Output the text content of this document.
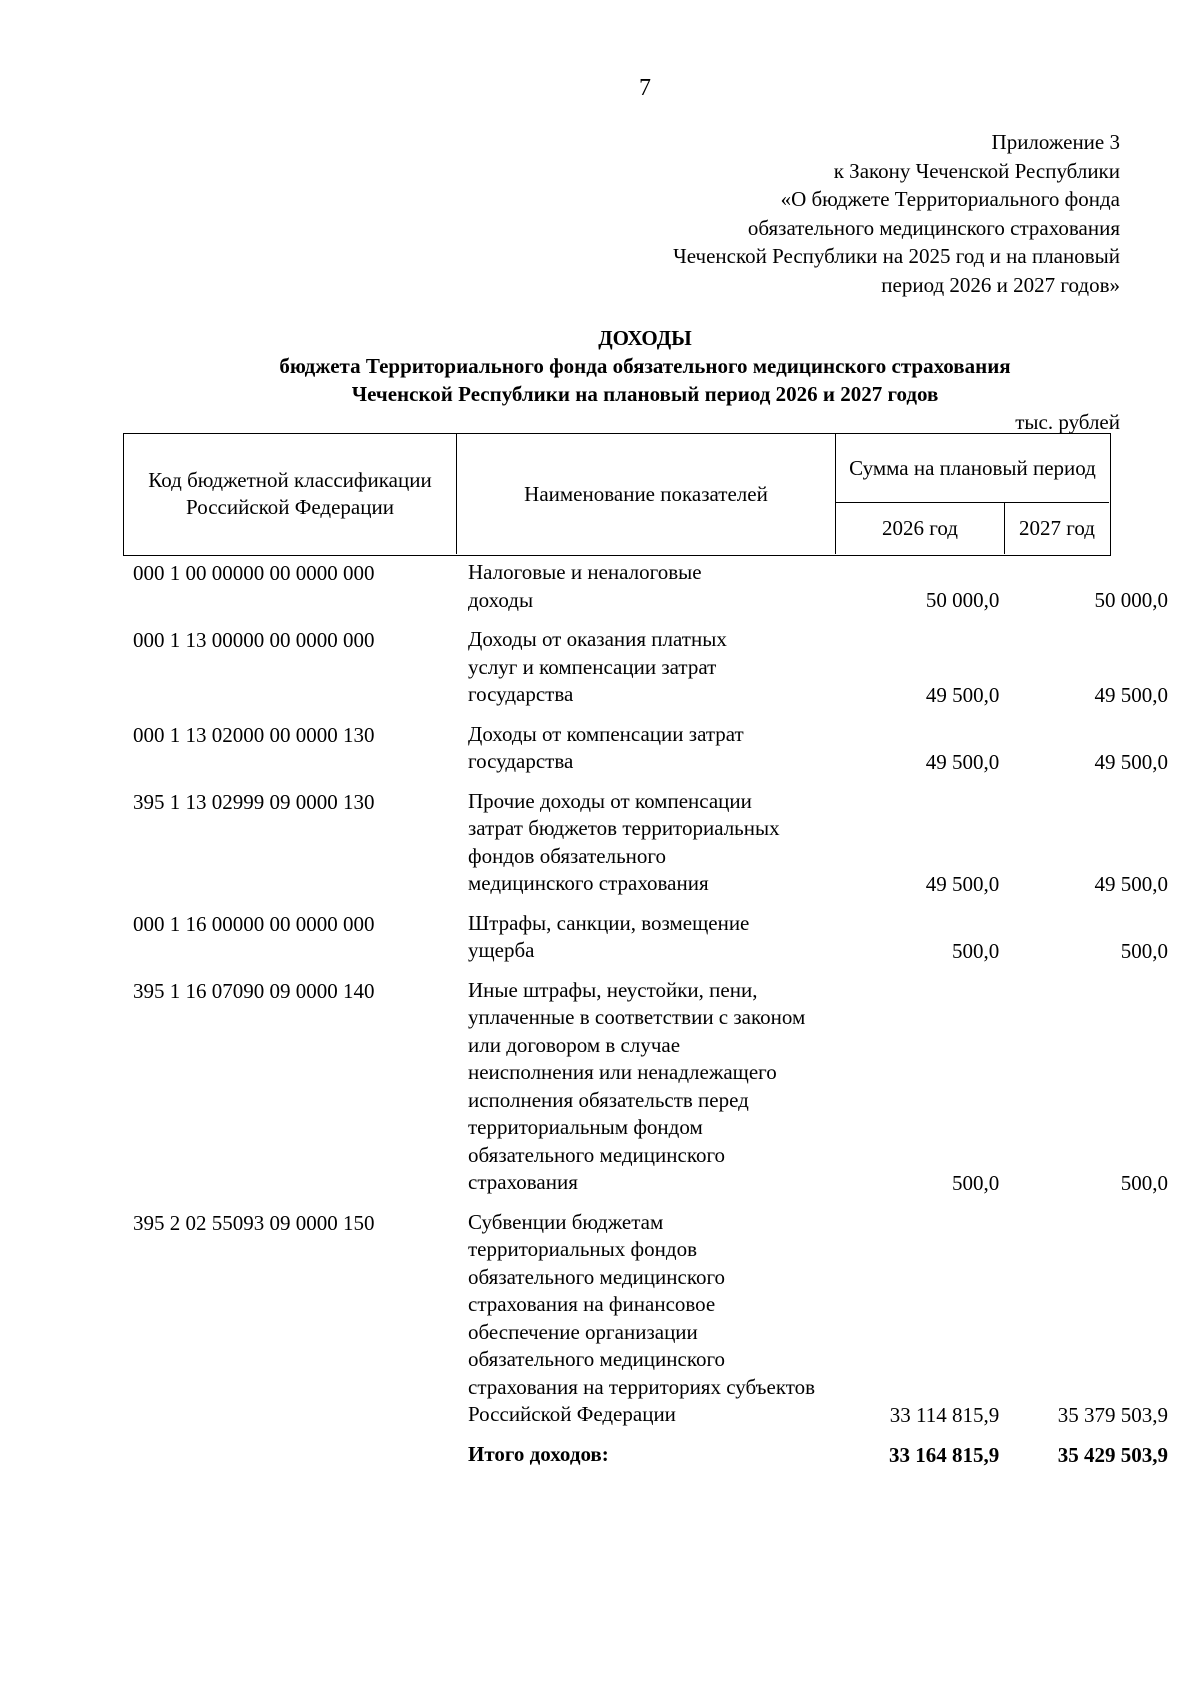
7
Приложение 3
к Закону Чеченской Республики
«О бюджете Территориального фонда
обязательного медицинского страхования
Чеченской Республики на 2025 год и на плановый
период 2026 и 2027 годов»
ДОХОДЫ
бюджета Территориального фонда обязательного медицинского страхования
Чеченской Республики на плановый период 2026 и 2027 годов
тыс. рублей
Код бюджетной классификации Российской Федерации
Наименование показателей
Сумма на плановый период
2026 год	2027 год
000 1 00 00000 00 0000 000	Налоговые и неналоговые доходы	50 000,0	50 000,0
000 1 13 00000 00 0000 000	Доходы от оказания платных услуг и компенсации затрат государства	49 500,0	49 500,0
000 1 13 02000 00 0000 130	Доходы от компенсации затрат государства	49 500,0	49 500,0
395 1 13 02999 09 0000 130	Прочие доходы от компенсации затрат бюджетов территориальных фондов обязательного медицинского страхования	49 500,0	49 500,0
000 1 16 00000 00 0000 000	Штрафы, санкции, возмещение ущерба	500,0	500,0
395 1 16 07090 09 0000 140	Иные штрафы, неустойки, пени, уплаченные в соответствии с законом или договором в случае неисполнения или ненадлежащего исполнения обязательств перед территориальным фондом обязательного медицинского страхования	500,0	500,0
395 2 02 55093 09 0000 150	Субвенции бюджетам территориальных фондов обязательного медицинского страхования на финансовое обеспечение организации обязательного медицинского страхования на территориях субъектов Российской Федерации	33 114 815,9	35 379 503,9
Итого доходов:	33 164 815,9	35 429 503,9
